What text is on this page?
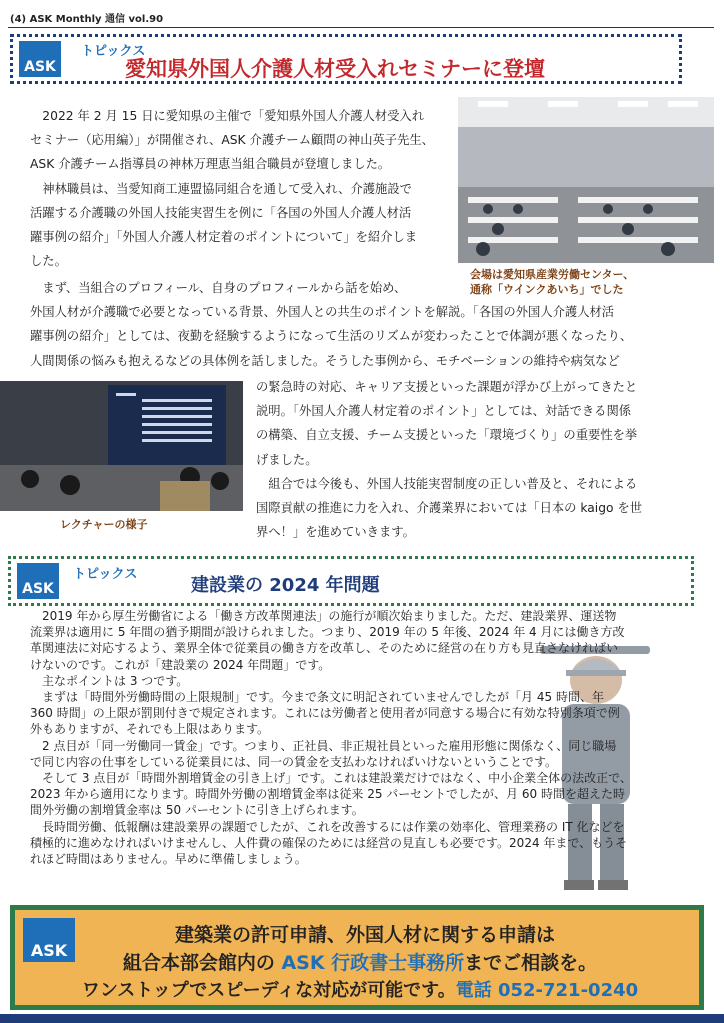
(4) ASK Monthly 通信 vol.90
ASK
トピックス
愛知県外国人介護人材受入れセミナーに登壇
　2022 年 2 月 15 日に愛知県の主催で「愛知県外国人介護人材受入れ
セミナー（応用編）」が開催され、ASK 介護チーム顧問の神山英子先生、
ASK 介護チーム指導員の神林万理恵当組合職員が登壇しました。
　神林職員は、当愛知商工連盟協同組合を通して受入れ、介護施設で
活躍する介護職の外国人技能実習生を例に「各国の外国人介護人材活
躍事例の紹介」「外国人介護人材定着のポイントについて」を紹介しま
した。
会場は愛知県産業労働センター、
通称「ウインクあいち」でした
　まず、当組合のプロフィール、自身のプロフィールから話を始め、
外国人材が介護職で必要となっている背景、外国人との共生のポイントを解説。「各国の外国人介護人材活
躍事例の紹介」としては、夜勤を経験するようになって生活のリズムが変わったことで体調が悪くなったり、
人間関係の悩みも抱えるなどの具体例を話しました。そうした事例から、モチベーションの維持や病気など
レクチャーの様子
の緊急時の対応、キャリア支援といった課題が浮かび上がってきたと
説明。「外国人介護人材定着のポイント」としては、対話できる関係
の構築、自立支援、チーム支援といった「環境づくり」の重要性を挙
げました。
　組合では今後も、外国人技能実習制度の正しい普及と、それによる
国際貢献の推進に力を入れ、介護業界においては「日本の kaigo を世
界へ！」を進めていきます。
ASK
トピックス
建設業の 2024 年問題
　2019 年から厚生労働省による「働き方改革関連法」の施行が順次始まりました。ただ、建設業界、運送物
流業界は適用に 5 年間の猶予期間が設けられました。つまり、2019 年の 5 年後、2024 年 4 月には働き方改
革関連法に対応するよう、業界全体で従業員の働き方を改革し、そのために経営の在り方も見直さなければい
けないのです。これが「建設業の 2024 年問題」です。
　主なポイントは 3 つです。
　まずは「時間外労働時間の上限規制」です。今まで条文に明記されていませんでしたが「月 45 時間、年
360 時間」の上限が罰則付きで規定されます。これには労働者と使用者が同意する場合に有効な特別条項で例
外もありますが、それでも上限はあります。
　2 点目が「同一労働同一賃金」です。つまり、正社員、非正規社員といった雇用形態に関係なく、同じ職場
で同じ内容の仕事をしている従業員には、同一の賃金を支払わなければいけないということです。
　そして 3 点目が「時間外割増賃金の引き上げ」です。これは建設業だけではなく、中小企業全体の法改正で、
2023 年から適用になります。時間外労働の割増賃金率は従来 25 パーセントでしたが、月 60 時間を超えた時
間外労働の割増賃金率は 50 パーセントに引き上げられます。
　長時間労働、低報酬は建設業界の課題でしたが、これを改善するには作業の効率化、管理業務の IT 化などを
積極的に進めなければいけませんし、人件費の確保のためには経営の見直しも必要です。2024 年まで、もうそ
れほど時間はありません。早めに準備しましょう。
ASK
建築業の許可申請、外国人材に関する申請は
組合本部会館内の ASK 行政書士事務所までご相談を。
ワンストップでスピーディな対応が可能です。電話 052-721-0240
